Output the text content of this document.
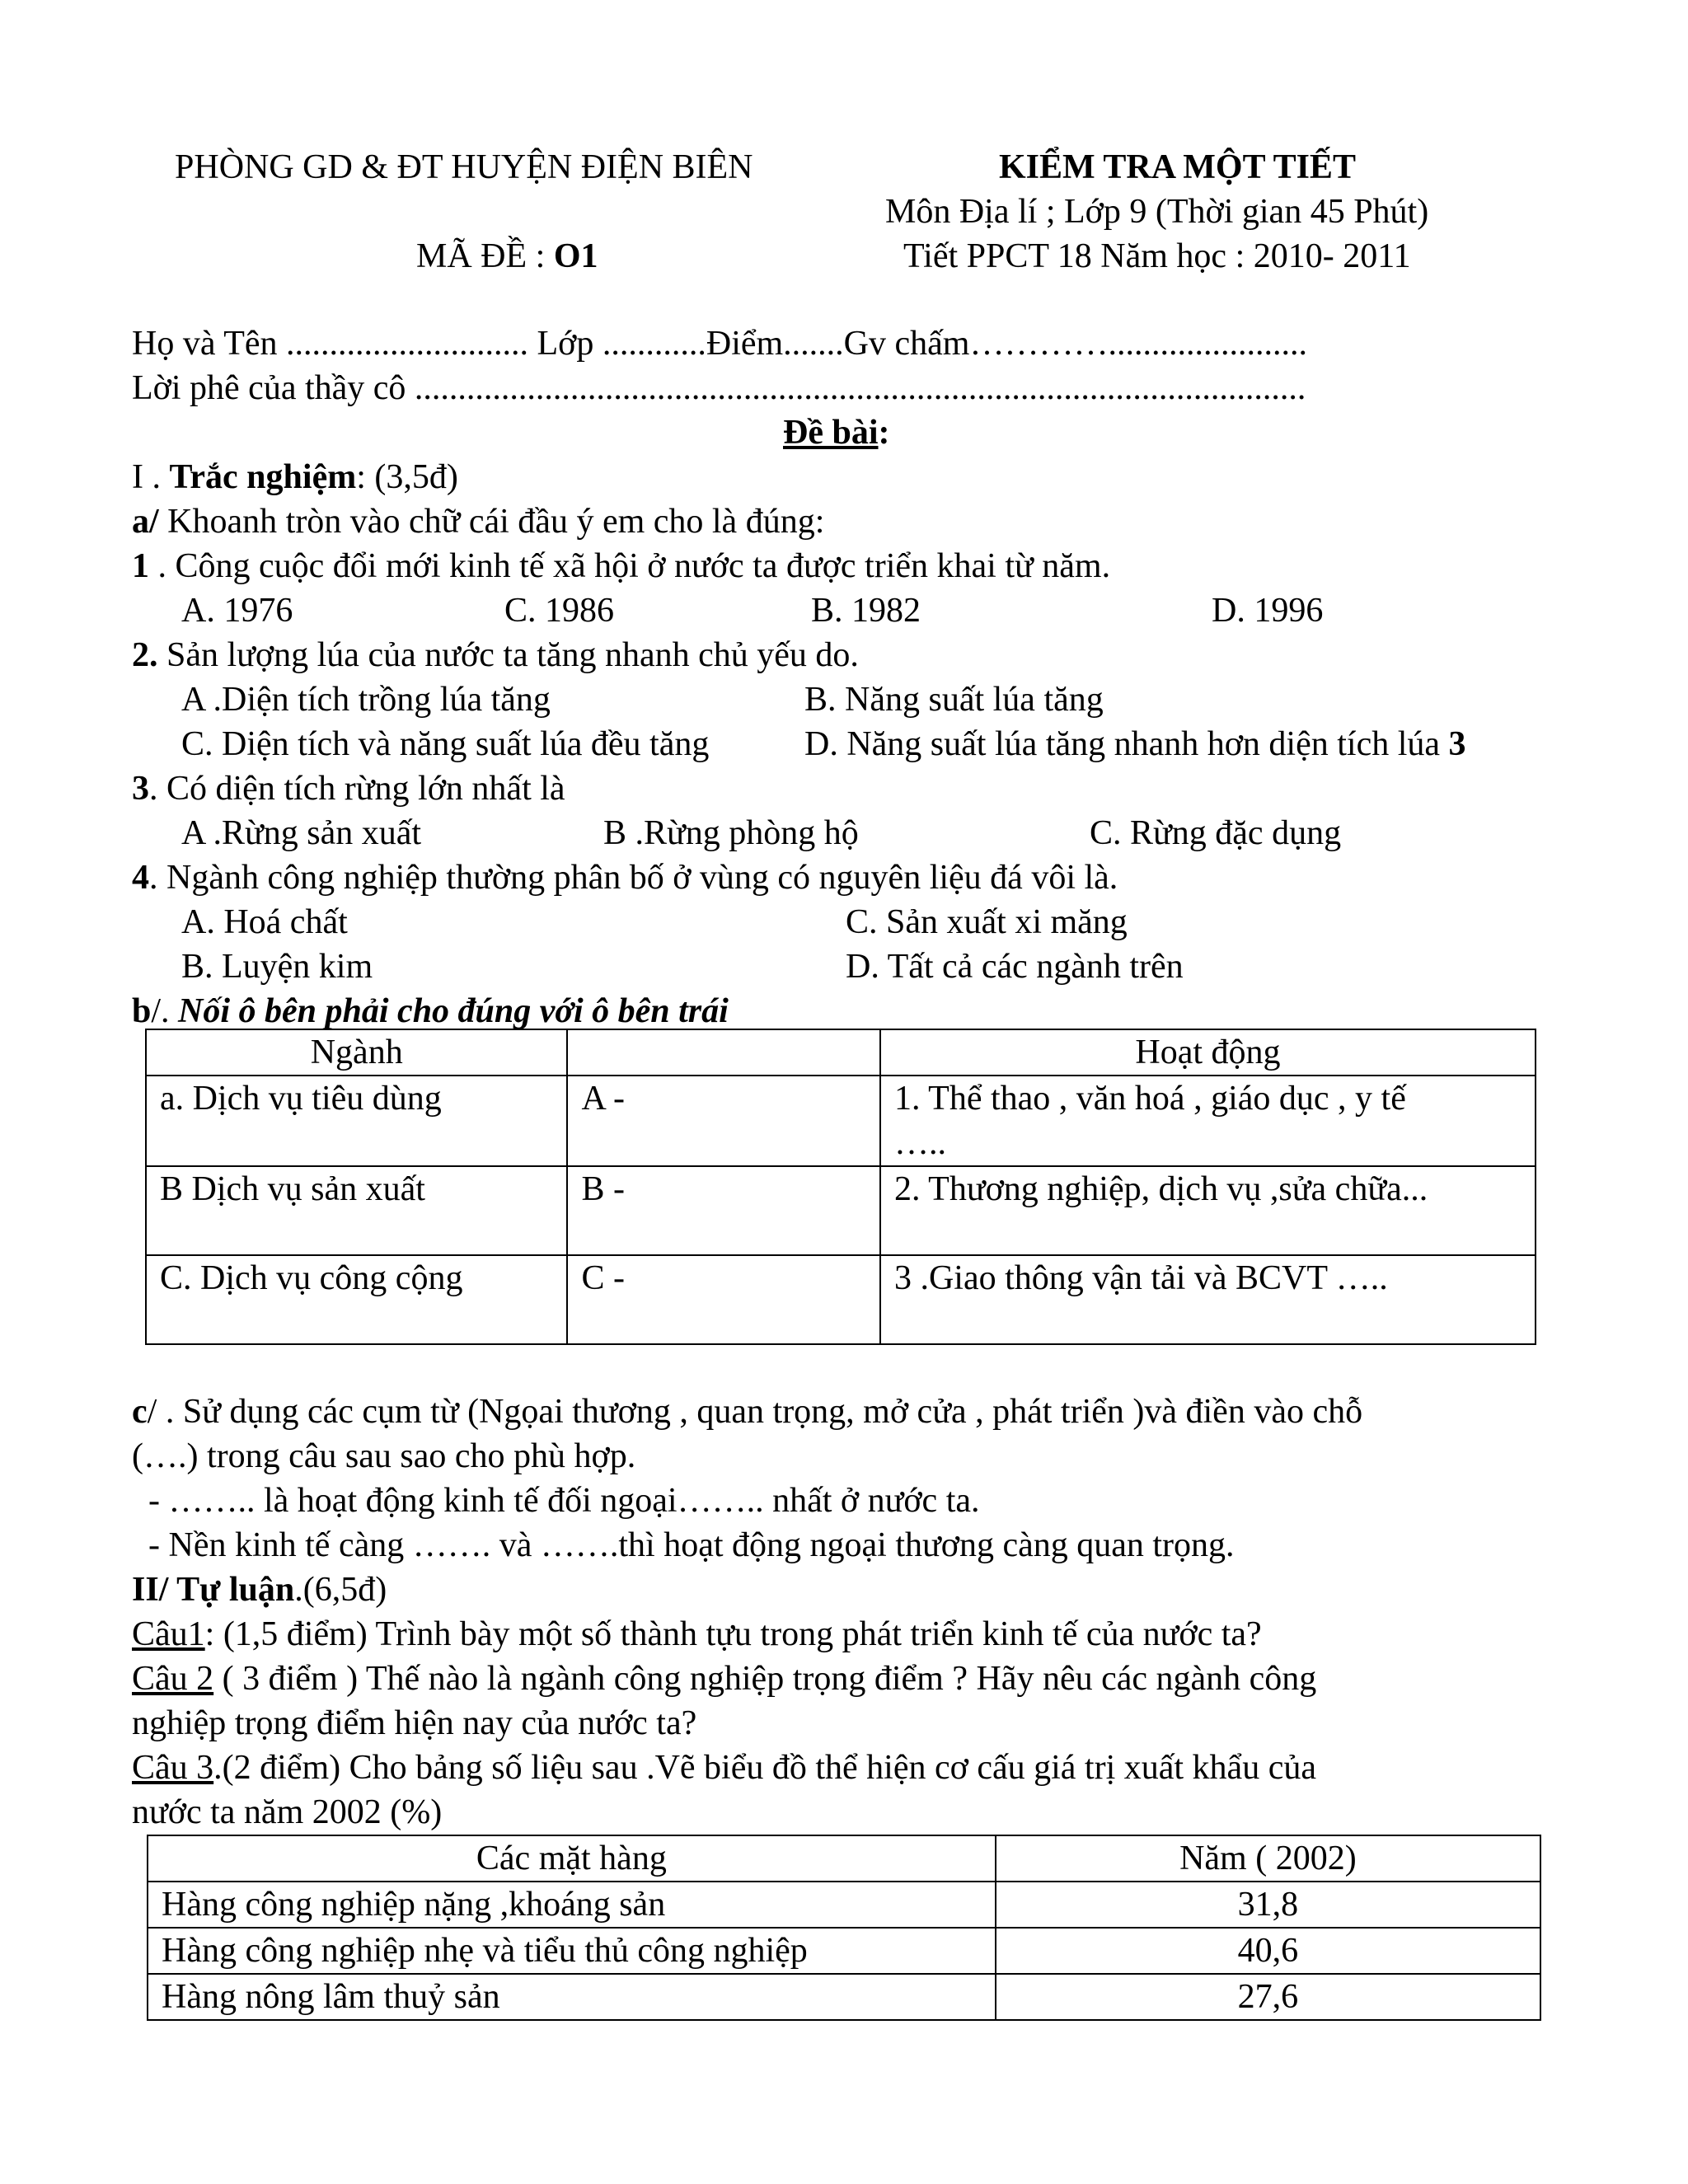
PHÒNG GD & ĐT HUYỆN ĐIỆN BIÊN	KIỂM TRA MỘT TIẾT
Môn Địa lí ; Lớp 9 (Thời gian 45 Phút)
MÃ ĐỀ : O1	Tiết PPCT 18 Năm học : 2010- 2011
Họ và Tên ............................ Lớp ............Điểm.......Gv chấm………….......................
Lời phê của thầy cô .......................................................................................................
Đề bài:
I . Trắc nghiệm: (3,5đ)
a/ Khoanh tròn vào chữ cái đầu ý em cho là đúng:
1 . Công cuộc đổi mới kinh tế xã hội ở nước ta được triển khai từ năm.
A. 1976	C. 1986	B. 1982	D. 1996
2. Sản lượng lúa của nước ta tăng nhanh chủ yếu do.
A .Diện tích trồng lúa tăng	B. Năng suất lúa tăng
C. Diện tích và năng suất lúa đều tăng	D. Năng suất lúa tăng nhanh hơn diện tích lúa 3
3. Có diện tích rừng lớn nhất là
A .Rừng sản xuất	B .Rừng phòng hộ	C. Rừng đặc dụng
4. Ngành công nghiệp thường phân bố ở vùng có nguyên liệu đá vôi là.
A. Hoá chất	C. Sản xuất xi măng
B. Luyện kim	D. Tất cả các ngành trên
b/. Nối ô bên phải cho đúng với ô bên trái
Ngành		Hoạt động
a. Dịch vụ tiêu dùng	A -	1. Thể thao , văn hoá , giáo dục , y tế
…..

B Dịch vụ sản xuất	B -	2. Thương nghiệp, dịch vụ ,sửa chữa...
C. Dịch vụ công cộng	C -	3 .Giao thông vận tải và BCVT …..
c/ . Sử dụng các cụm từ (Ngọai thương , quan trọng, mở cửa , phát triển )và điền vào chỗ
(….) trong câu sau sao cho phù hợp.
- …….. là hoạt động kinh tế đối ngoại…….. nhất ở nước ta.
- Nền kinh tế càng ……. và …….thì hoạt động ngoại thương càng quan trọng.
II/ Tự luận.(6,5đ)
Câu1: (1,5 điểm) Trình bày một số thành tựu trong phát triển kinh tế của nước ta?
Câu 2 ( 3 điểm ) Thế nào là ngành công nghiệp trọng điểm ? Hãy nêu các ngành công
nghiệp trọng điểm hiện nay của nước ta?
Câu 3.(2 điểm) Cho bảng số liệu sau .Vẽ biểu đồ thể hiện cơ cấu giá trị xuất khẩu của
nước ta năm 2002 (%)
Các mặt hàng	Năm ( 2002)
Hàng công nghiệp nặng ,khoáng sản	31,8
Hàng công nghiệp nhẹ và tiểu thủ công nghiệp	40,6
Hàng nông lâm thuỷ sản	27,6
